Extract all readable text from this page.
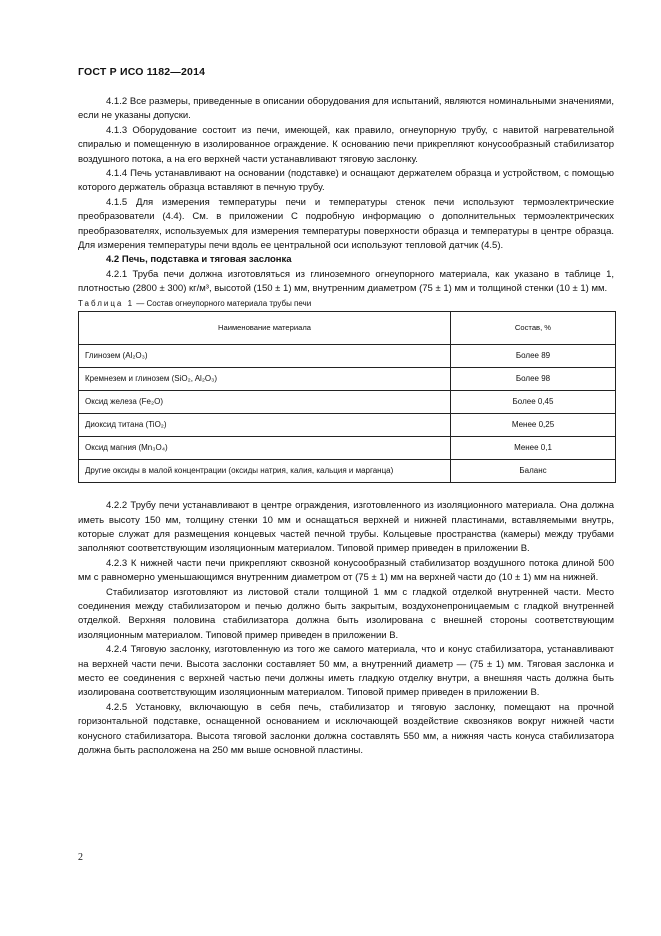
ГОСТ Р ИСО 1182—2014

4.1.2 Все размеры, приведенные в описании оборудования для испытаний, являются номинальными значениями, если не указаны допуски.

4.1.3 Оборудование состоит из печи, имеющей, как правило, огнеупорную трубу, с навитой нагревательной спиралью и помещенную в изолированное ограждение. К основанию печи прикрепляют конусообразный стабилизатор воздушного потока, а на его верхней части устанавливают тяговую заслонку.

4.1.4 Печь устанавливают на основании (подставке) и оснащают держателем образца и устройством, с помощью которого держатель образца вставляют в печную трубу.

4.1.5 Для измерения температуры печи и температуры стенок печи используют термоэлектрические преобразователи (4.4). См. в приложении С подробную информацию о дополнительных термоэлектрических преобразователях, используемых для измерения температуры поверхности образца и температуры в центре образца. Для измерения температуры печи вдоль ее центральной оси используют тепловой датчик (4.5).

4.2 Печь, подставка и тяговая заслонка

4.2.1 Труба печи должна изготовляться из глиноземного огнеупорного материала, как указано в таблице 1, плотностью (2800 ± 300) кг/м³, высотой (150 ± 1) мм, внутренним диаметром (75 ± 1) мм и толщиной стенки (10 ± 1) мм.

Таблица 1 — Состав огнеупорного материала трубы печи

Наименование материала	Состав, %
Глинозем (Al₂O₃)	Более 89
Кремнезем и глинозем (SiO₂, Al₂O₃)	Более 98
Оксид железа (Fe₂O)	Более 0,45
Диоксид титана (TiO₂)	Менее 0,25
Оксид магния (Mn₃O₄)	Менее 0,1
Другие оксиды в малой концентрации (оксиды натрия, калия, кальция и марганца)	Баланс

4.2.2 Трубу печи устанавливают в центре ограждения, изготовленного из изоляционного материала. Она должна иметь высоту 150 мм, толщину стенки 10 мм и оснащаться верхней и нижней пластинами, вставляемыми внутрь, которые служат для размещения концевых частей печной трубы. Кольцевые пространства (камеры) между трубами заполняют соответствующим изоляционным материалом. Типовой пример приведен в приложении В.

4.2.3 К нижней части печи прикрепляют сквозной конусообразный стабилизатор воздушного потока длиной 500 мм с равномерно уменьшающимся внутренним диаметром от (75 ± 1) мм на верхней части до (10 ± 1) мм на нижней.

Стабилизатор изготовляют из листовой стали толщиной 1 мм с гладкой отделкой внутренней части. Место соединения между стабилизатором и печью должно быть закрытым, воздухонепроницаемым с гладкой внутренней отделкой. Верхняя половина стабилизатора должна быть изолирована с внешней стороны соответствующим изоляционным материалом. Типовой пример приведен в приложении В.

4.2.4 Тяговую заслонку, изготовленную из того же самого материала, что и конус стабилизатора, устанавливают на верхней части печи. Высота заслонки составляет 50 мм, а внутренний диаметр — (75 ± 1) мм. Тяговая заслонка и место ее соединения с верхней частью печи должны иметь гладкую отделку внутри, а внешняя часть должна быть изолирована соответствующим изоляционным материалом. Типовой пример приведен в приложении В.

4.2.5 Установку, включающую в себя печь, стабилизатор и тяговую заслонку, помещают на прочной горизонтальной подставке, оснащенной основанием и исключающей воздействие сквозняков вокруг нижней части конусного стабилизатора. Высота тяговой заслонки должна составлять 550 мм, а нижняя часть конуса стабилизатора должна быть расположена на 250 мм выше основной пластины.

2
